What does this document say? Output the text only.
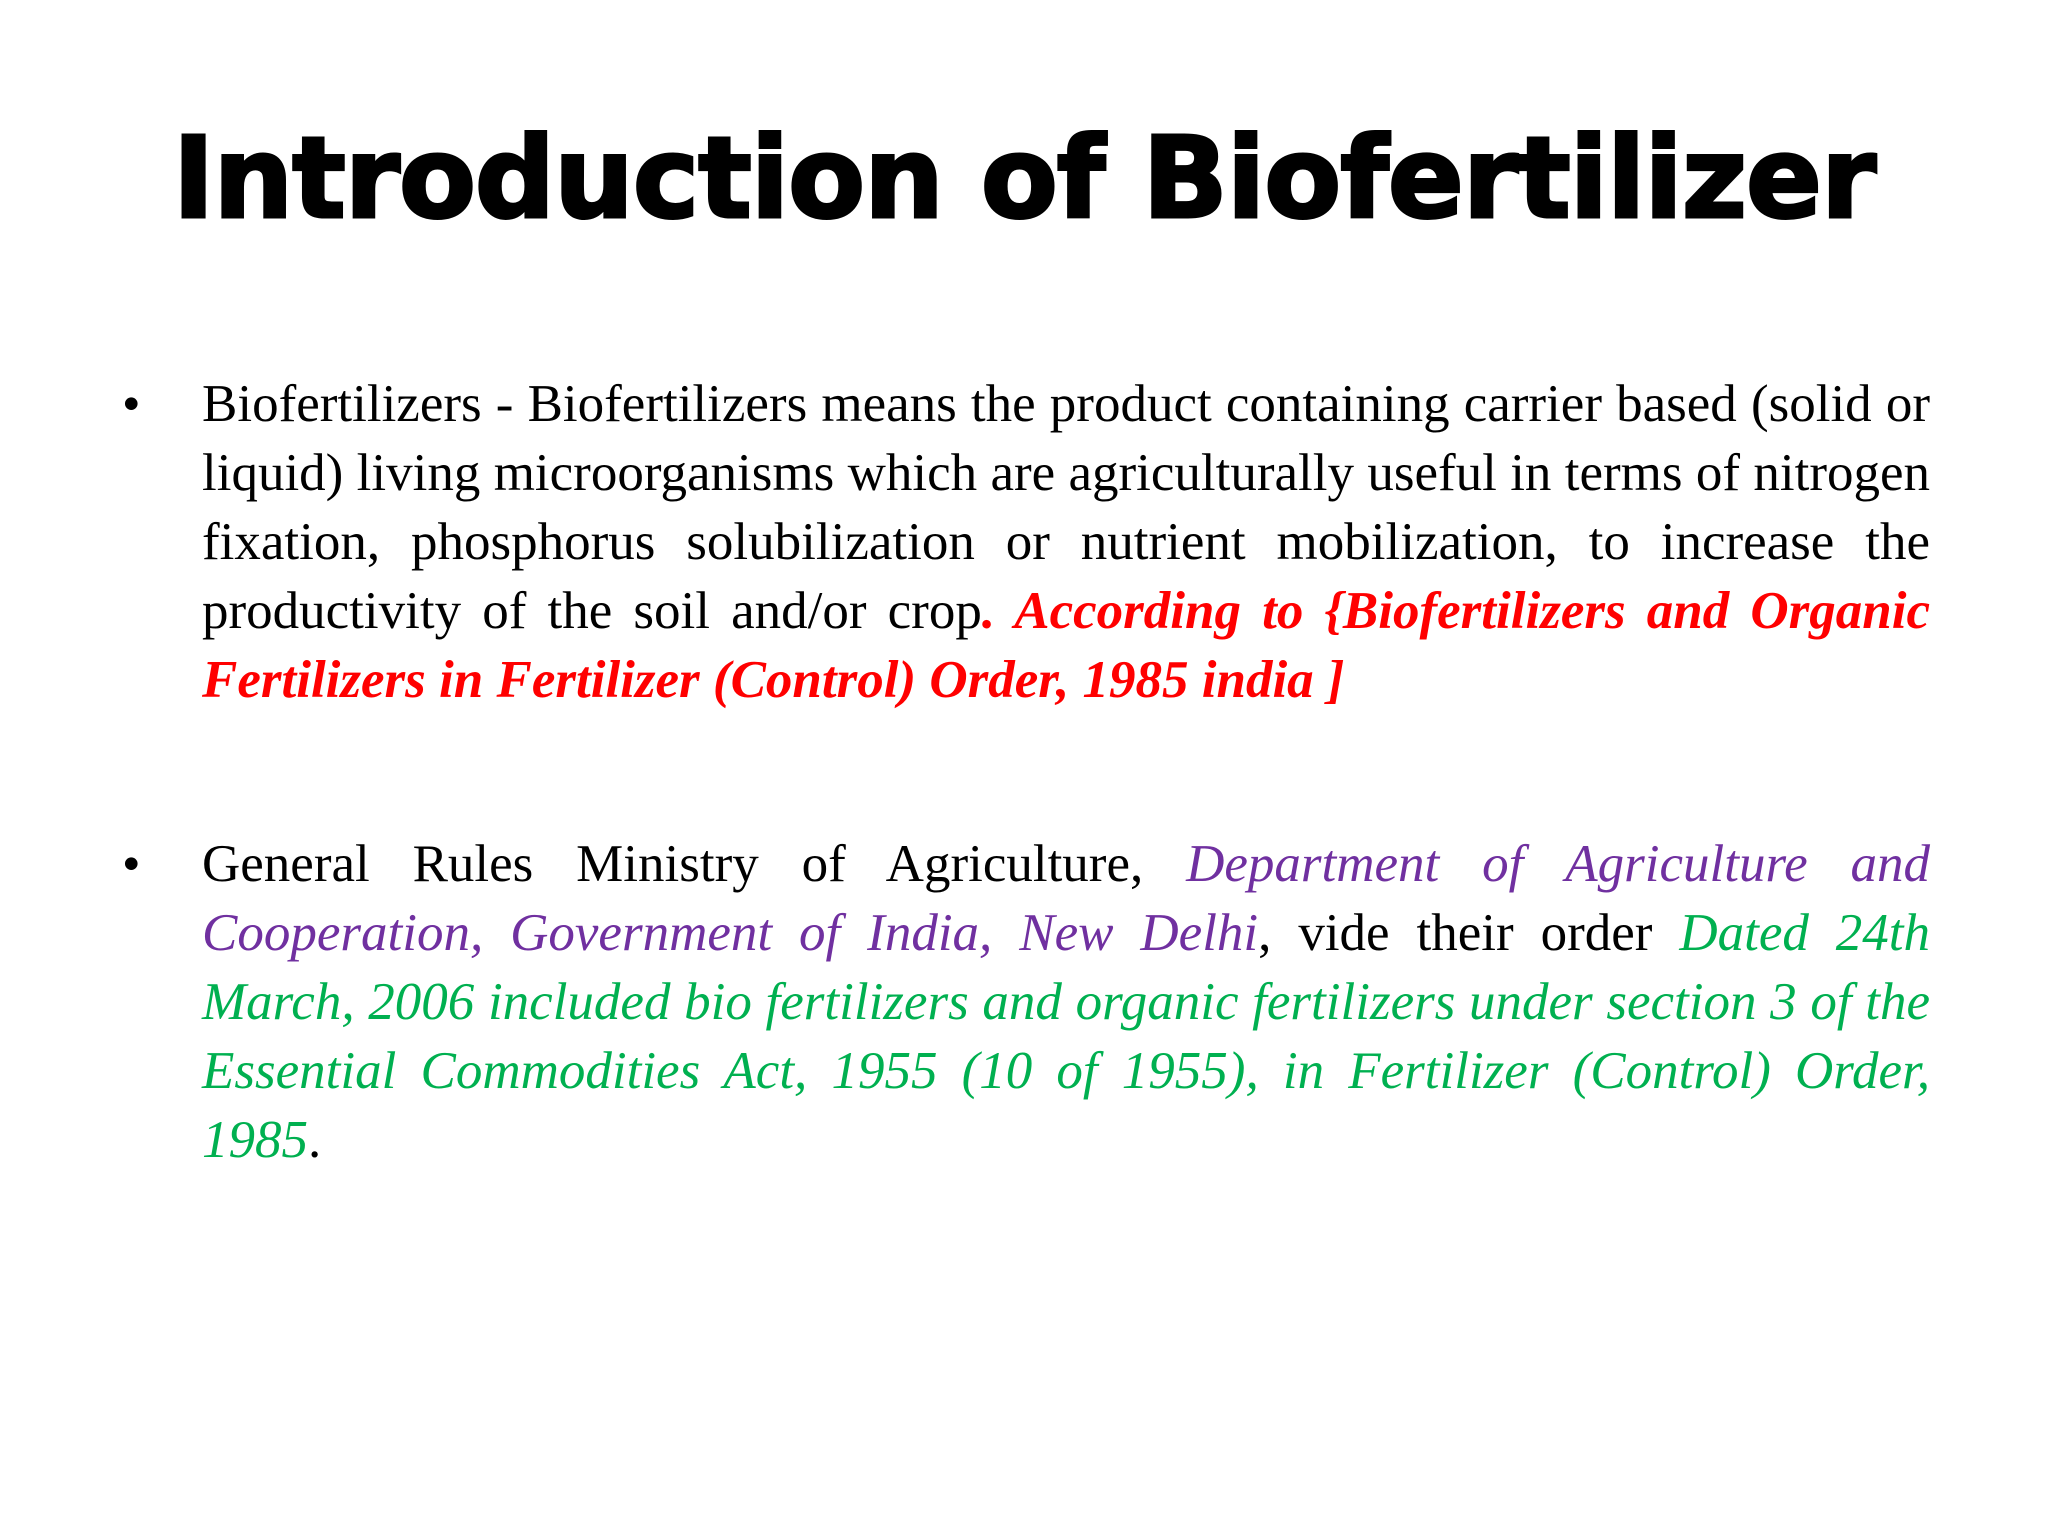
Introduction of Biofertilizer
•	Biofertilizers - Biofertilizers means the product containing carrier based (solid or liquid) living microorganisms which are agriculturally useful in terms of nitrogen fixation, phosphorus solubilization or nutrient mobilization, to increase the productivity of the soil and/or crop. According to {Biofertilizers and Organic Fertilizers in Fertilizer (Control) Order, 1985 india ]
•	General Rules Ministry of Agriculture, Department of Agriculture and Cooperation, Government of India, New Delhi, vide their order Dated 24th March, 2006 included bio fertilizers and organic fertilizers under section 3 of the Essential Commodities Act, 1955 (10 of 1955), in Fertilizer (Control) Order, 1985.
